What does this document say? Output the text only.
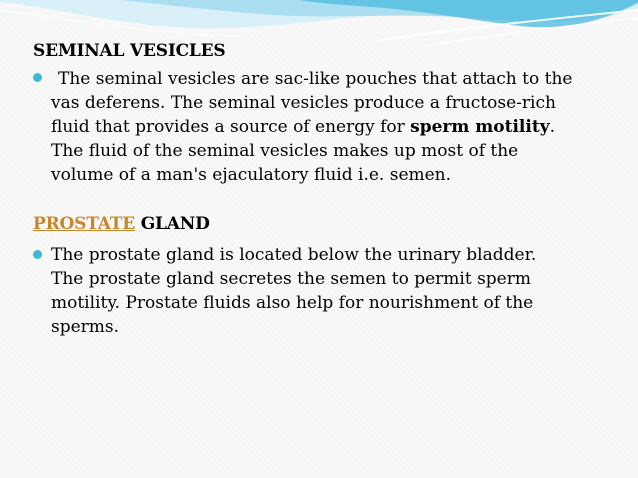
SEMINAL VESICLES
The seminal vesicles are sac-like pouches that attach to the
vas deferens. The seminal vesicles produce a fructose-rich
fluid that provides a source of energy for sperm motility.
The fluid of the seminal vesicles makes up most of the
volume of a man's ejaculatory fluid i.e. semen.
PROSTATE GLAND
The prostate gland is located below the urinary bladder.
The prostate gland secretes the semen to permit sperm
motility. Prostate fluids also help for nourishment of the
sperms.
